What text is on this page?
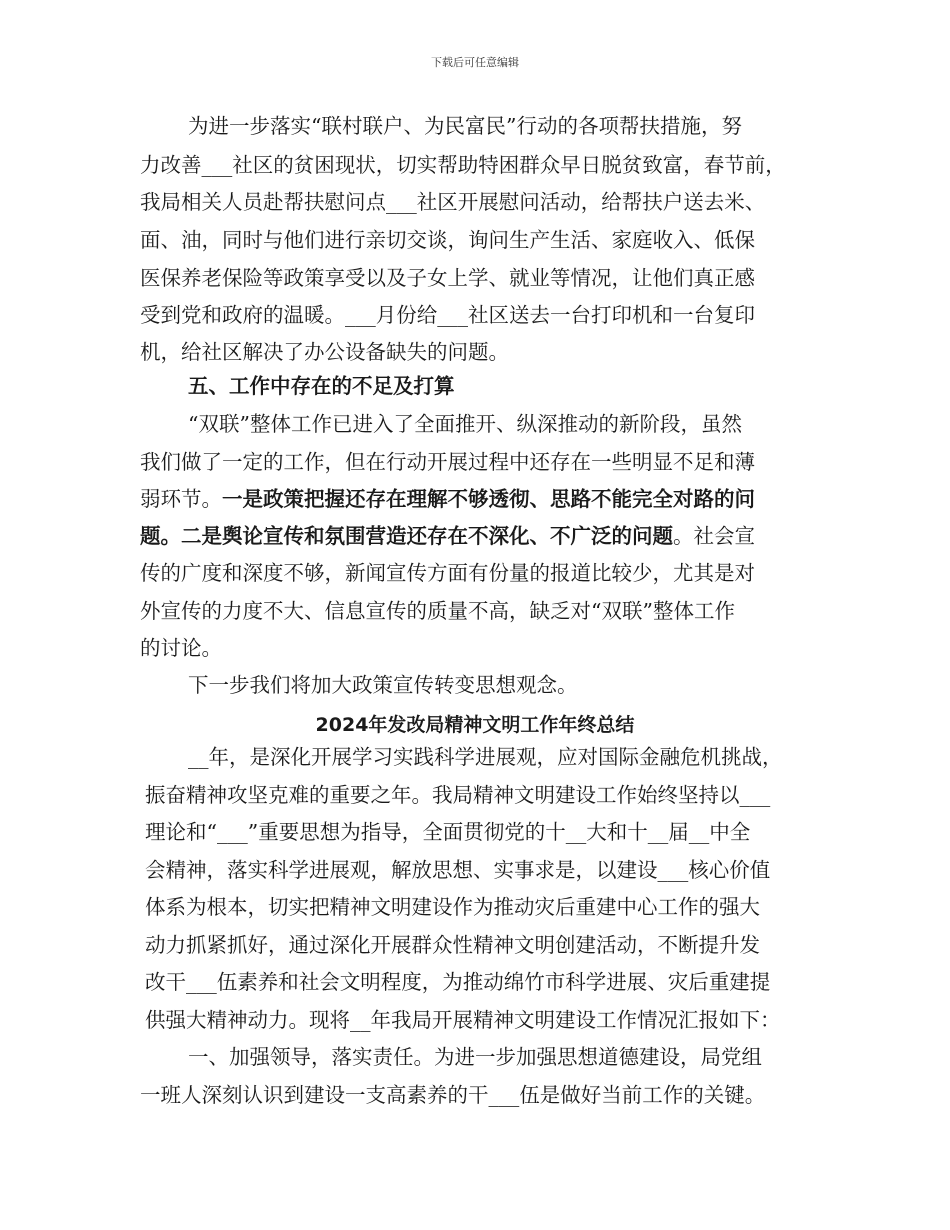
下载后可任意编辑
为进一步落实“联村联户、为民富民”行动的各项帮扶措施，努
力改善___社区的贫困现状，切实帮助特困群众早日脱贫致富，春节前，
我局相关人员赴帮扶慰问点___社区开展慰问活动，给帮扶户送去米、
面、油，同时与他们进行亲切交谈，询问生产生活、家庭收入、低保
医保养老保险等政策享受以及子女上学、就业等情况，让他们真正感
受到党和政府的温暖。___月份给___社区送去一台打印机和一台复印
机，给社区解决了办公设备缺失的问题。
五、工作中存在的不足及打算
“双联”整体工作已进入了全面推开、纵深推动的新阶段，虽然
我们做了一定的工作，但在行动开展过程中还存在一些明显不足和薄
弱环节。一是政策把握还存在理解不够透彻、思路不能完全对路的问
题。二是舆论宣传和氛围营造还存在不深化、不广泛的问题。社会宣
传的广度和深度不够，新闻宣传方面有份量的报道比较少，尤其是对
外宣传的力度不大、信息宣传的质量不高，缺乏对“双联”整体工作
的讨论。
下一步我们将加大政策宣传转变思想观念。
2024年发改局精神文明工作年终总结
__年，是深化开展学习实践科学进展观，应对国际金融危机挑战，
振奋精神攻坚克难的重要之年。我局精神文明建设工作始终坚持以___
理论和“___”重要思想为指导，全面贯彻党的十__大和十__届__中全
会精神，落实科学进展观，解放思想、实事求是，以建设___核心价值
体系为根本，切实把精神文明建设作为推动灾后重建中心工作的强大
动力抓紧抓好，通过深化开展群众性精神文明创建活动，不断提升发
改干___伍素养和社会文明程度，为推动绵竹市科学进展、灾后重建提
供强大精神动力。现将__年我局开展精神文明建设工作情况汇报如下：
一、加强领导，落实责任。为进一步加强思想道德建设，局党组
一班人深刻认识到建设一支高素养的干___伍是做好当前工作的关键。
